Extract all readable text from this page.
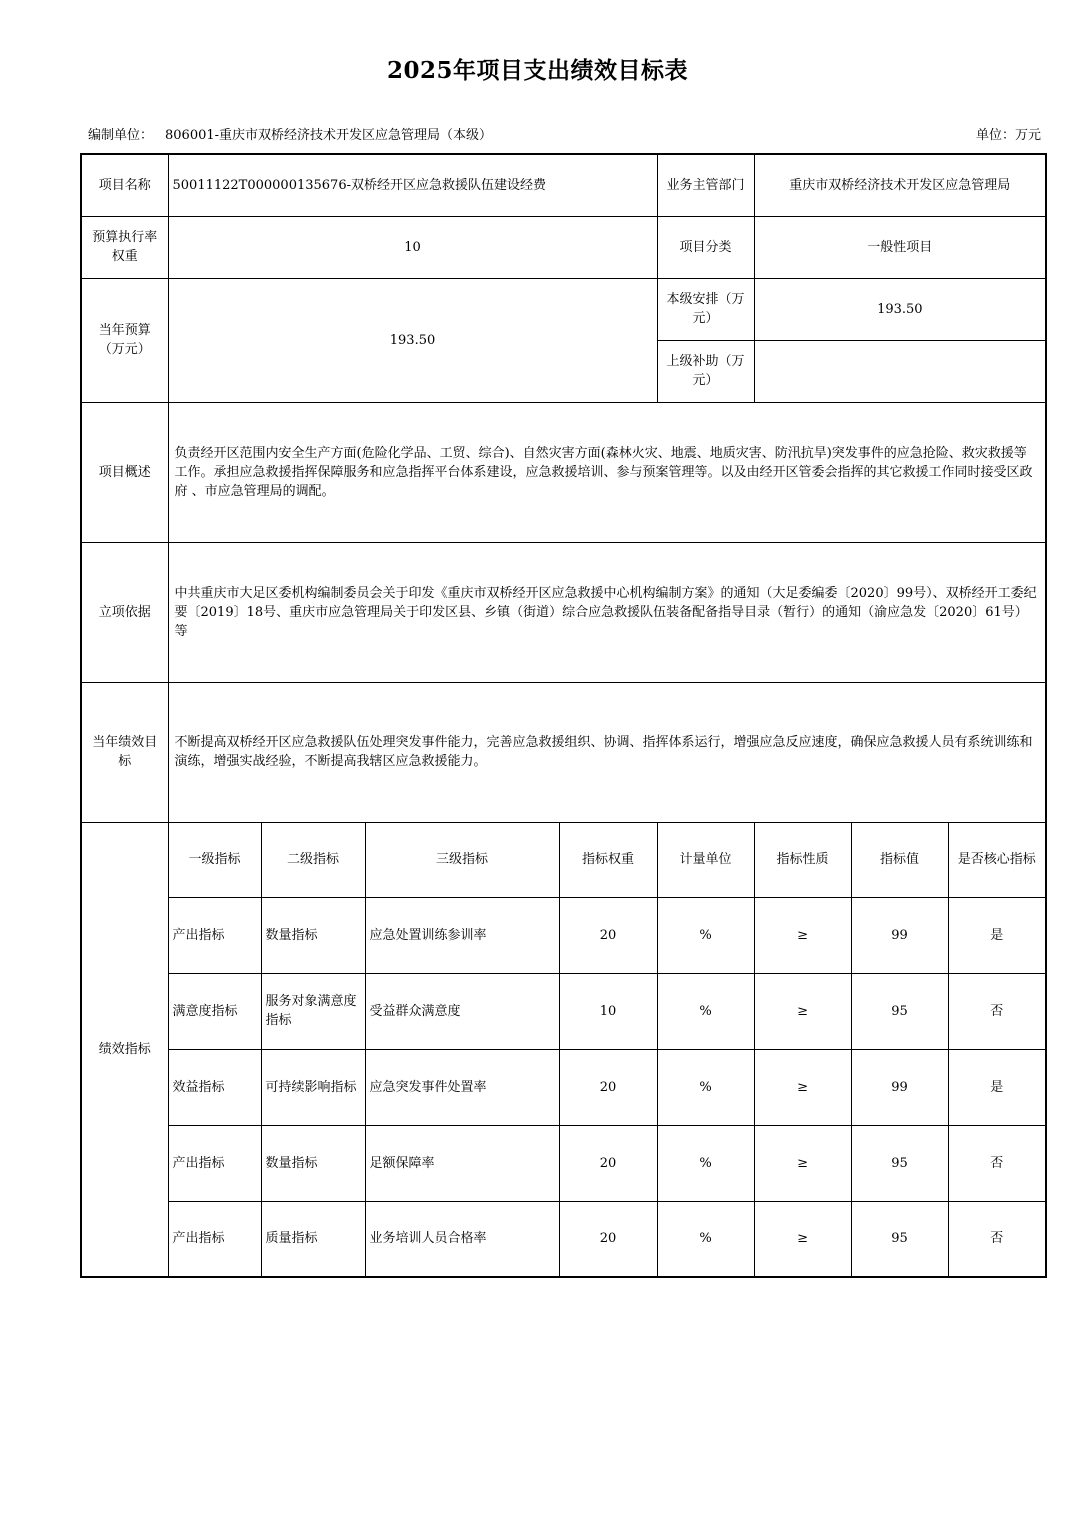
2025年项目支出绩效目标表
编制单位： 806001-重庆市双桥经济技术开发区应急管理局（本级）	单位：万元
项目名称	50011122T000000135676-双桥经开区应急救援队伍建设经费				业务主管部门	重庆市双桥经济技术开发区应急管理局		
预算执行率权重	10				项目分类	一般性项目		
当年预算（万元）	193.50				本级安排（万元）	193.50		
					上级补助（万元）			
项目概述	负责经开区范围内安全生产方面(危险化学品、工贸、综合)、自然灾害方面(森林火灾、地震、地质灾害、防汛抗旱)突发事件的应急抢险、救灾救援等工作。承担应急救援指挥保障服务和应急指挥平台体系建设，应急救援培训、参与预案管理等。以及由经开区管委会指挥的其它救援工作同时接受区政府 、市应急管理局的调配。							
立项依据	中共重庆市大足区委机构编制委员会关于印发《重庆市双桥经开区应急救援中心机构编制方案》的通知（大足委编委〔2020〕99号）、双桥经开工委纪要〔2019〕18号、重庆市应急管理局关于印发区县、乡镇（街道）综合应急救援队伍装备配备指导目录（暂行）的通知（渝应急发〔2020〕61号）等							
当年绩效目标	不断提高双桥经开区应急救援队伍处理突发事件能力，完善应急救援组织、协调、指挥体系运行，增强应急反应速度，确保应急救援人员有系统训练和演练，增强实战经验，不断提高我辖区应急救援能力。							
绩效指标	一级指标	二级指标	三级指标	指标权重	计量单位	指标性质	指标值	是否核心指标
	产出指标	数量指标	应急处置训练参训率	20	%	≥	99	是
	满意度指标	服务对象满意度指标	受益群众满意度	10	%	≥	95	否
	效益指标	可持续影响指标	应急突发事件处置率	20	%	≥	99	是
	产出指标	数量指标	足额保障率	20	%	≥	95	否
	产出指标	质量指标	业务培训人员合格率	20	%	≥	95	否
